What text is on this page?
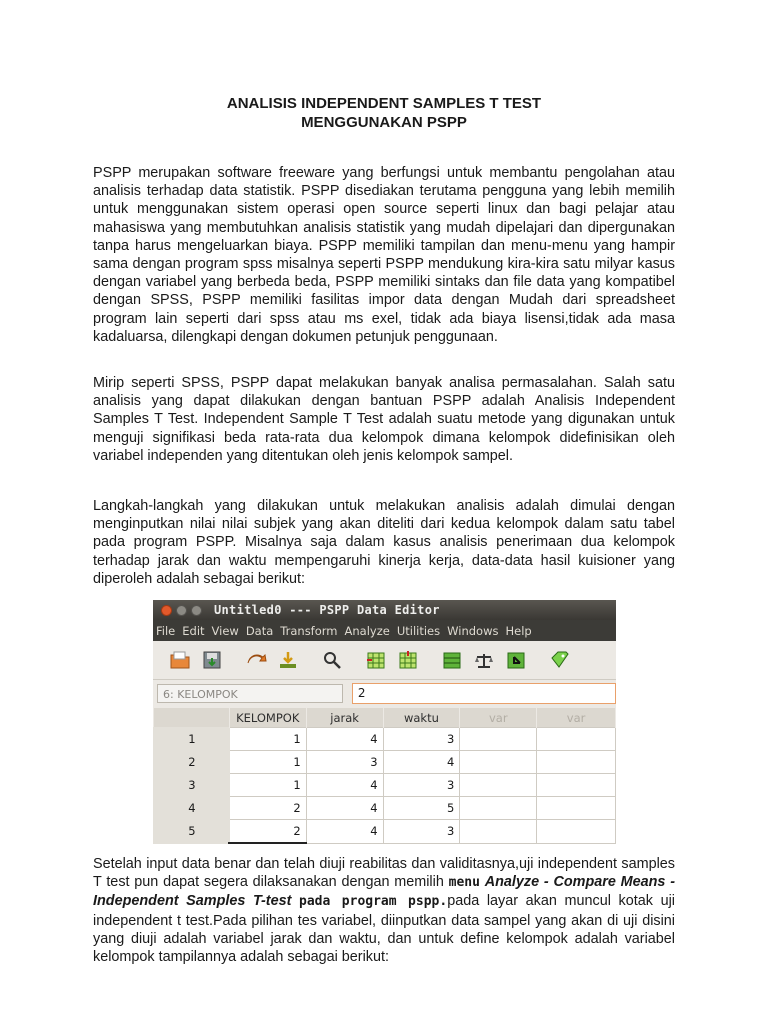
ANALISIS INDEPENDENT SAMPLES T TEST
MENGGUNAKAN PSPP

PSPP merupakan software freeware yang berfungsi untuk membantu pengolahan atau analisis terhadap data statistik. PSPP disediakan terutama pengguna yang lebih memilih untuk menggunakan sistem operasi open source seperti linux dan bagi pelajar atau mahasiswa yang membutuhkan analisis statistik yang mudah dipelajari dan dipergunakan tanpa harus mengeluarkan biaya. PSPP memiliki tampilan dan menu-menu yang hampir sama dengan program spss misalnya seperti PSPP mendukung kira-kira satu milyar kasus dengan variabel yang berbeda beda, PSPP memiliki sintaks dan file data yang kompatibel dengan SPSS, PSPP memiliki fasilitas impor data dengan Mudah dari spreadsheet program lain seperti dari spss atau ms exel, tidak ada biaya lisensi,tidak ada masa kadaluarsa, dilengkapi dengan dokumen petunjuk penggunaan.

Mirip seperti SPSS, PSPP dapat melakukan banyak analisa permasalahan. Salah satu analisis yang dapat dilakukan dengan bantuan PSPP adalah Analisis Independent Samples T Test. Independent Sample T Test adalah suatu metode yang digunakan untuk menguji signifikasi beda rata-rata dua kelompok dimana kelompok didefinisikan oleh variabel independen yang ditentukan oleh jenis kelompok sampel.

Langkah-langkah yang dilakukan untuk melakukan analisis adalah dimulai dengan menginputkan nilai nilai subjek yang akan diteliti dari kedua kelompok dalam satu tabel pada program PSPP. Misalnya saja dalam kasus analisis penerimaan dua kelompok terhadap jarak dan waktu mempengaruhi kinerja kerja, data-data hasil kuisioner yang diperoleh adalah sebagai berikut:

Untitled0 --- PSPP Data Editor
File Edit View Data Transform Analyze Utilities Windows Help
6: KELOMPOK	2
	KELOMPOK	jarak	waktu	var	var
1	1	4	3		
2	1	3	4		
3	1	4	3		
4	2	4	5		
5	2	4	3		

Setelah input data benar dan telah diuji reabilitas dan validitasnya,uji independent samples T test pun dapat segera dilaksanakan dengan memilih menu Analyze - Compare Means - Independent Samples T-test pada program pspp.pada layar akan muncul kotak uji independent t test.Pada pilihan tes variabel, diinputkan data sampel yang akan di uji disini yang diuji adalah variabel jarak dan waktu, dan untuk define kelompok adalah variabel kelompok tampilannya adalah sebagai berikut:
